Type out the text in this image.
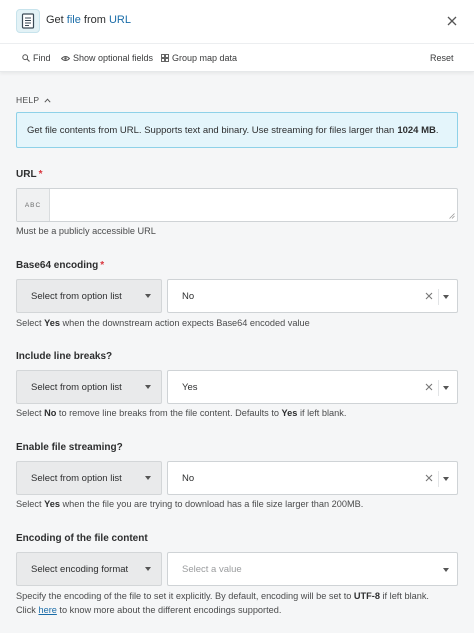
Get file from URL
Find Show optional fields Group map data	Reset
HELP
Get file contents from URL. Supports text and binary. Use streaming for files larger than 1024 MB .
URL *
ABC
Must be a publicly accessible URL
Base64 encoding *
Select from option list	No
Select Yes when the downstream action expects Base64 encoded value
Include line breaks?
Select from option list	Yes
Select No to remove line breaks from the file content. Defaults to Yes if left blank.
Enable file streaming?
Select from option list	No
Select Yes when the file you are trying to download has a file size larger than 200MB.
Encoding of the file content
Select encoding format	Select a value
Specify the encoding of the file to set it explicitly. By default, encoding will be set to UTF-8 if left blank.
Click here to know more about the different encodings supported.
